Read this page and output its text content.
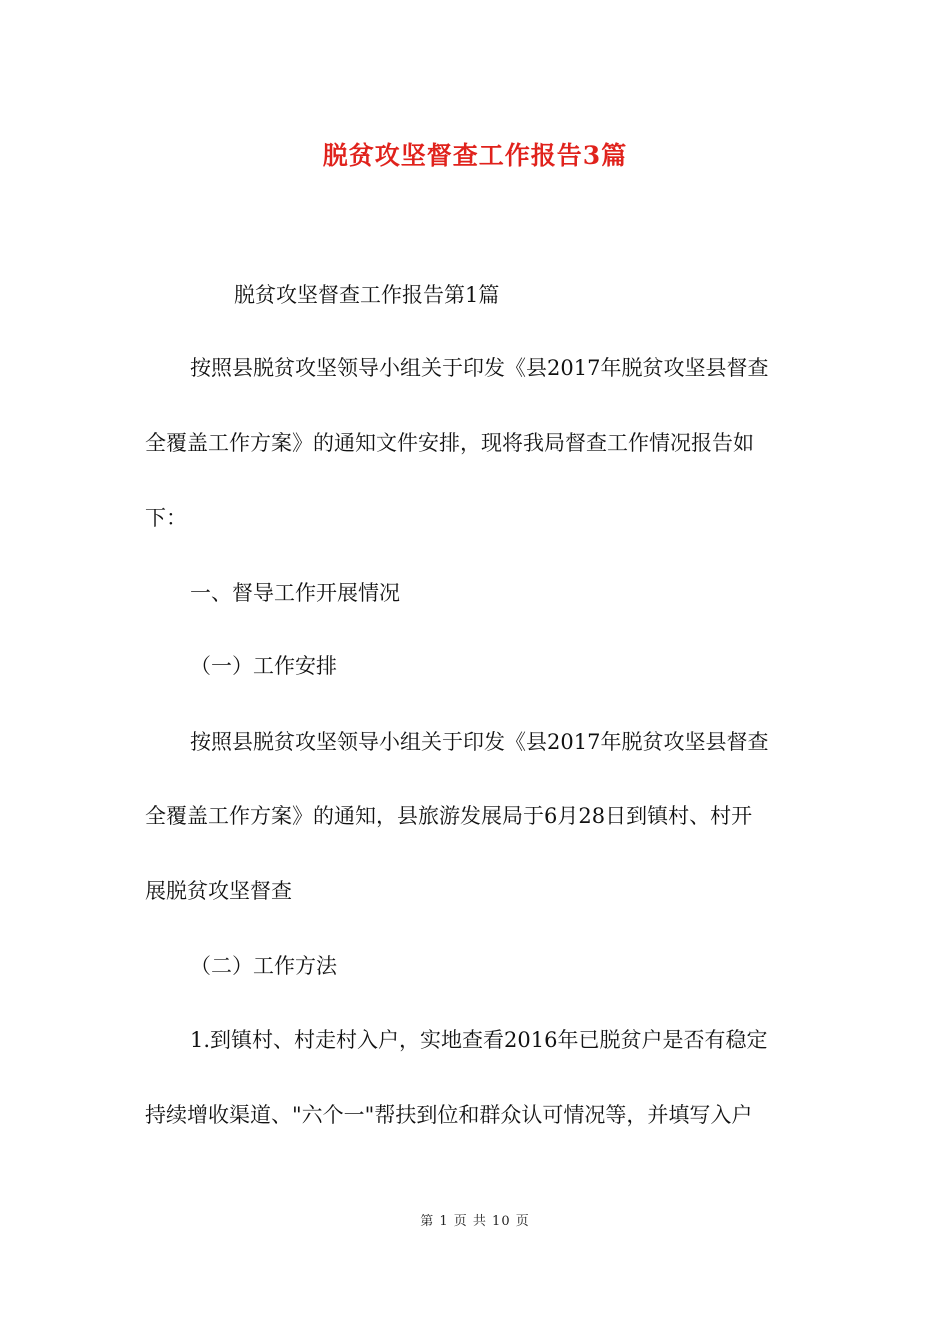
脱贫攻坚督查工作报告3篇
脱贫攻坚督查工作报告第1篇
按照县脱贫攻坚领导小组关于印发《县2017年脱贫攻坚县督查
全覆盖工作方案》的通知文件安排，现将我局督查工作情况报告如
下：
一、督导工作开展情况
（一）工作安排
按照县脱贫攻坚领导小组关于印发《县2017年脱贫攻坚县督查
全覆盖工作方案》的通知，县旅游发展局于6月28日到镇村、村开
展脱贫攻坚督查
（二）工作方法
1.到镇村、村走村入户，实地查看2016年已脱贫户是否有稳定
持续增收渠道、"六个一"帮扶到位和群众认可情况等，并填写入户
第 1 页 共 10 页
